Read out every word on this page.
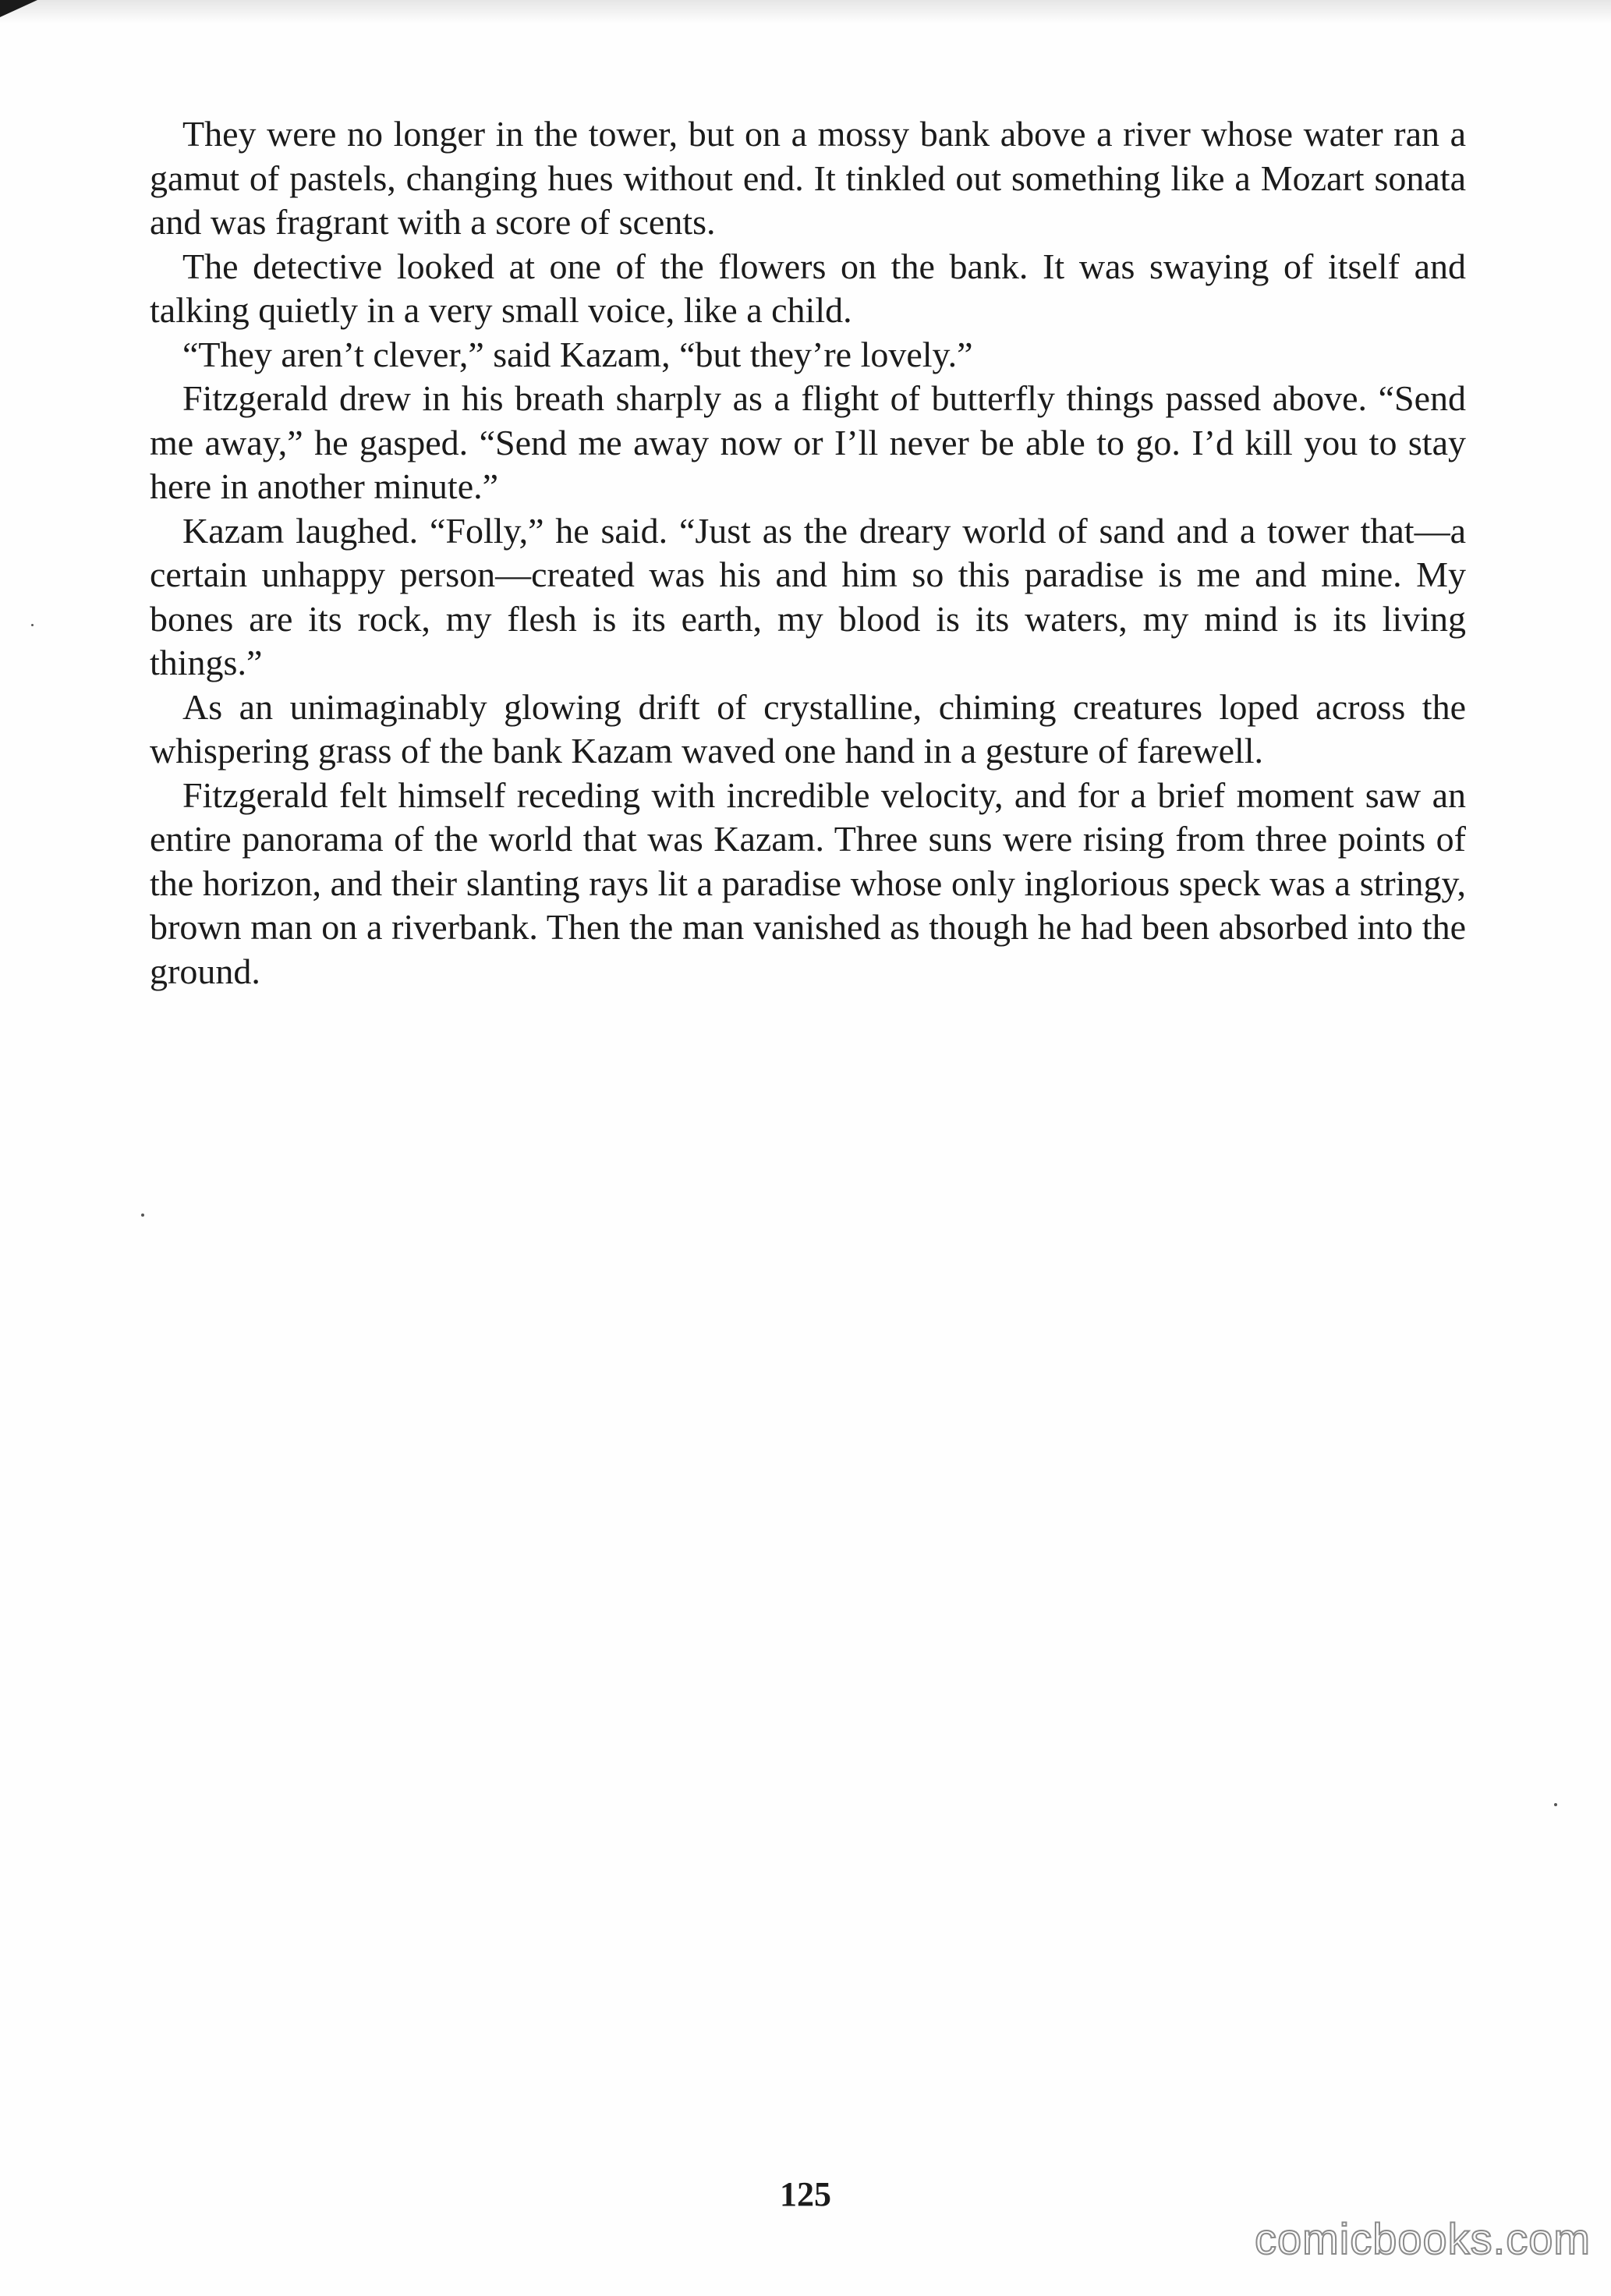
They were no longer in the tower, but on a mossy bank above a river whose water ran a gamut of pastels, changing hues without end. It tinkled out something like a Mozart sonata and was fragrant with a score of scents.

The detective looked at one of the flowers on the bank. It was swaying of itself and talking quietly in a very small voice, like a child.

“They aren’t clever,” said Kazam, “but they’re lovely.”

Fitzgerald drew in his breath sharply as a flight of butterfly things passed above. “Send me away,” he gasped. “Send me away now or I’ll never be able to go. I’d kill you to stay here in another minute.”

Kazam laughed. “Folly,” he said. “Just as the dreary world of sand and a tower that—a certain unhappy person—created was his and him so this paradise is me and mine. My bones are its rock, my flesh is its earth, my blood is its waters, my mind is its living things.”

As an unimaginably glowing drift of crystalline, chiming creatures loped across the whispering grass of the bank Kazam waved one hand in a gesture of farewell.

Fitzgerald felt himself receding with incredible velocity, and for a brief moment saw an entire panorama of the world that was Kazam. Three suns were rising from three points of the horizon, and their slanting rays lit a paradise whose only inglorious speck was a stringy, brown man on a riverbank. Then the man vanished as though he had been absorbed into the ground.

125
comicbooks.com
